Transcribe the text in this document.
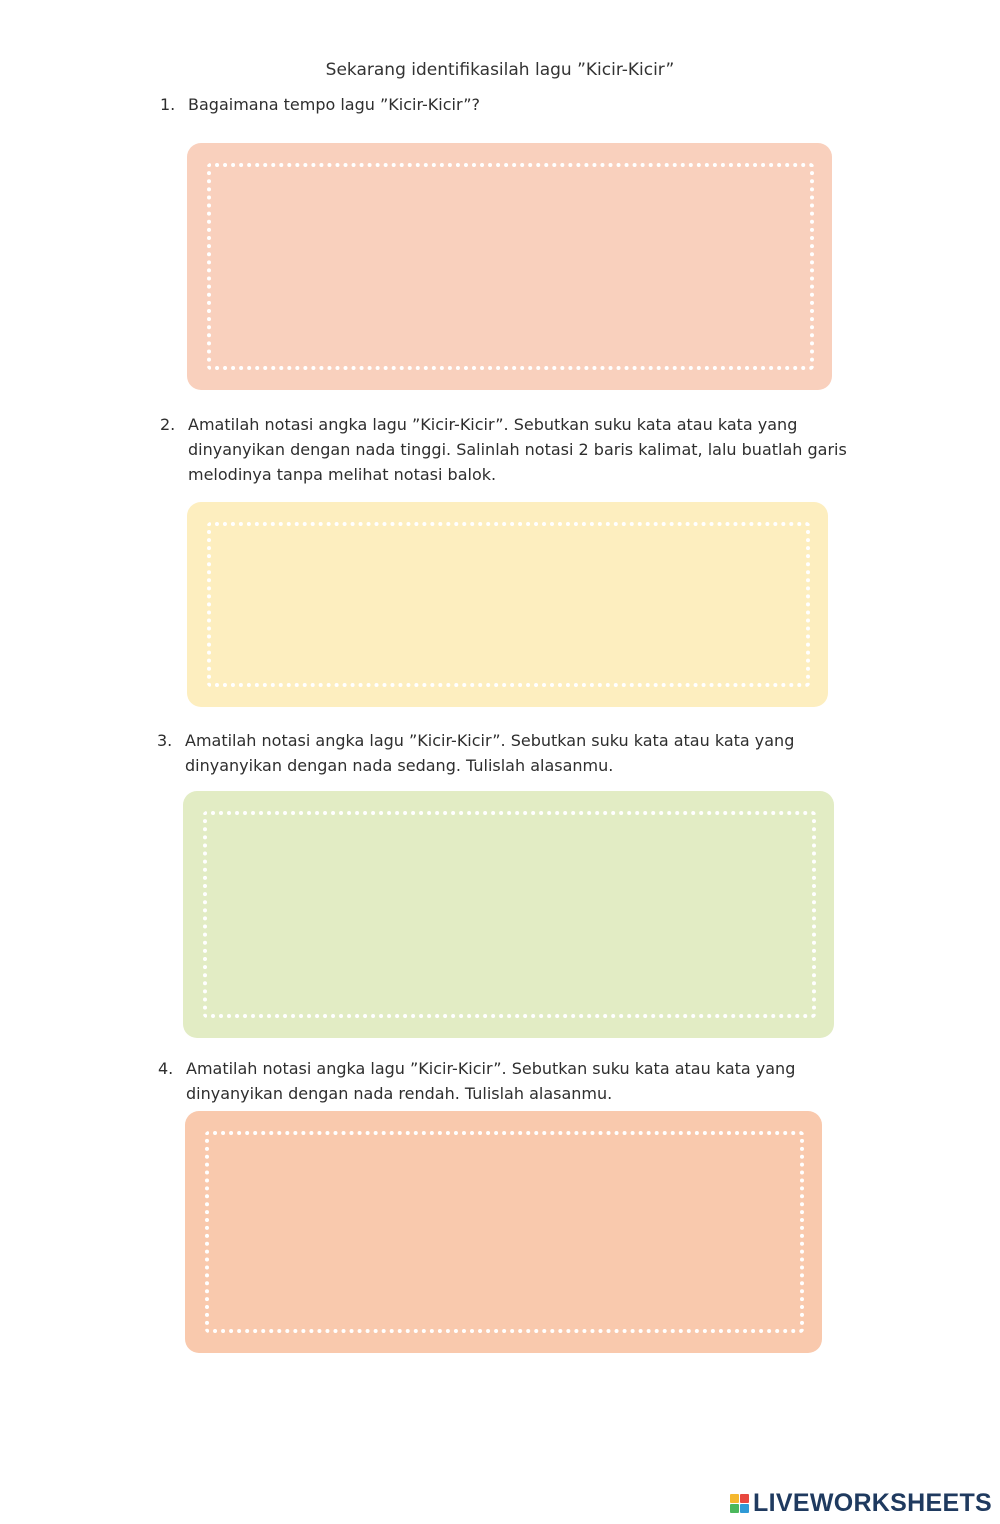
Sekarang identifikasilah lagu ”Kicir-Kicir”
1. Bagaimana tempo lagu ”Kicir-Kicir”?
2. Amatilah notasi angka lagu ”Kicir-Kicir”. Sebutkan suku kata atau kata yang dinyanyikan dengan nada tinggi. Salinlah notasi 2 baris kalimat, lalu buatlah garis melodinya tanpa melihat notasi balok.
3. Amatilah notasi angka lagu ”Kicir-Kicir”. Sebutkan suku kata atau kata yang dinyanyikan dengan nada sedang. Tulislah alasanmu.
4. Amatilah notasi angka lagu ”Kicir-Kicir”. Sebutkan suku kata atau kata yang dinyanyikan dengan nada rendah. Tulislah alasanmu.
LIVEWORKSHEETS
